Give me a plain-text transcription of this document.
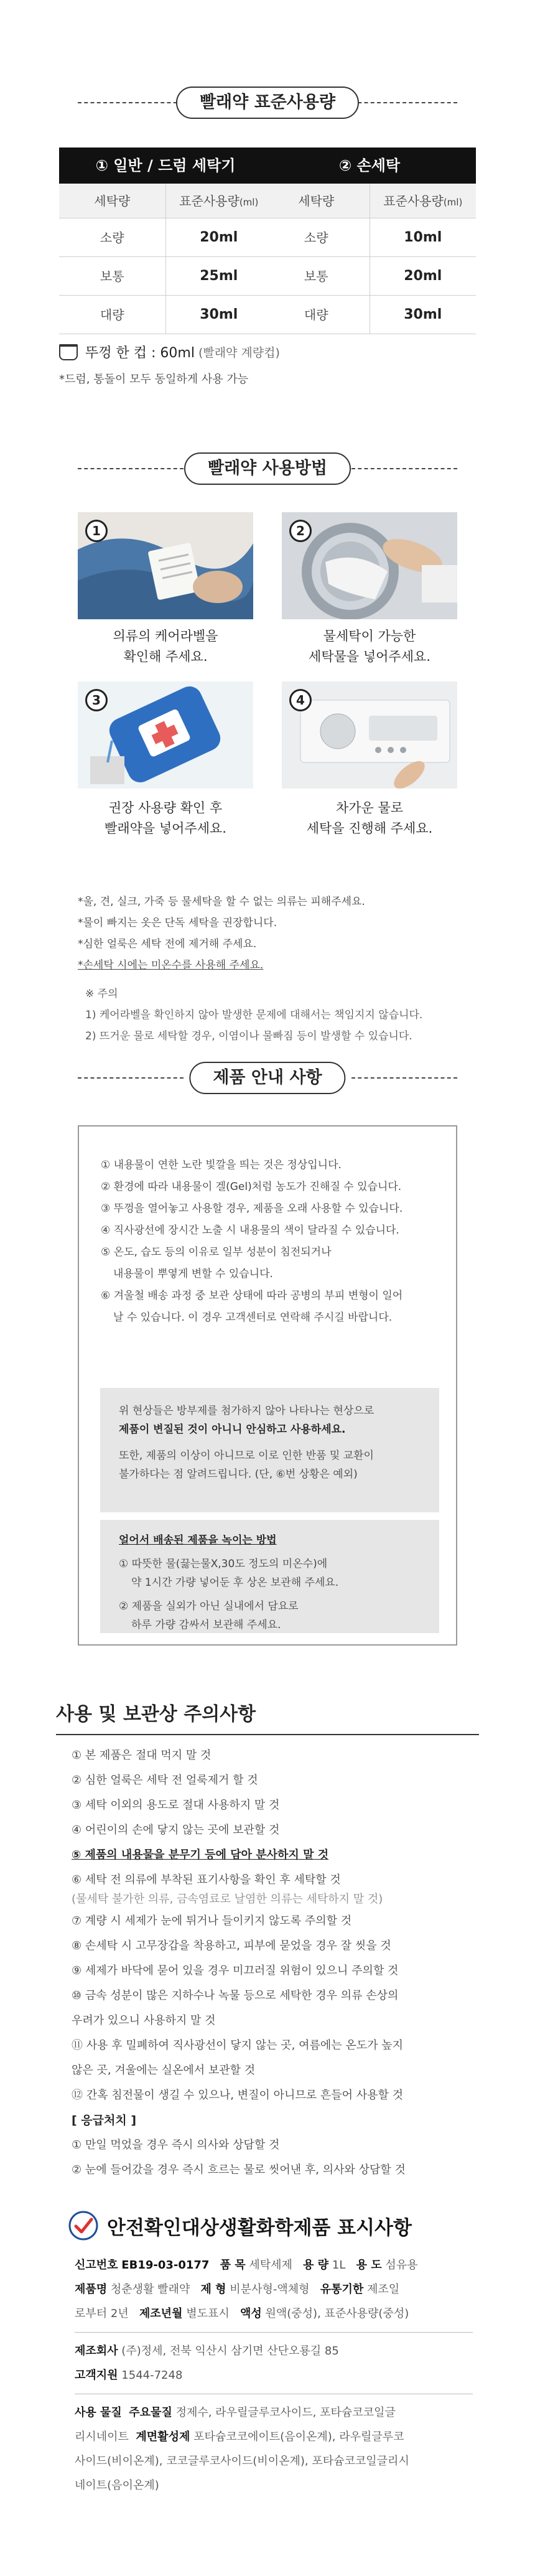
빨래약 표준사용량
① 일반 / 드럼 세탁기
세탁량	표준사용량(ml)
소량	20ml
보통	25ml
대량	30ml
② 손세탁
세탁량	표준사용량(ml)
소량	10ml
보통	20ml
대량	30ml
뚜껑 한 컵 : 60ml (빨래약 계량컵)
*드럼, 통돌이 모두 동일하게 사용 가능
빨래약 사용방법
1
의류의 케어라벨을
확인해 주세요.
2
물세탁이 가능한
세탁물을 넣어주세요.
3
권장 사용량 확인 후
빨래약을 넣어주세요.
4
차가운 물로
세탁을 진행해 주세요.
*울, 견, 실크, 가죽 등 물세탁을 할 수 없는 의류는 피해주세요.
*물이 빠지는 옷은 단독 세탁을 권장합니다.
*심한 얼룩은 세탁 전에 제거해 주세요.
*손세탁 시에는 미온수를 사용해 주세요.
※ 주의
1) 케어라벨을 확인하지 않아 발생한 문제에 대해서는 책임지지 않습니다.
2) 뜨거운 물로 세탁할 경우, 이염이나 물빠짐 등이 발생할 수 있습니다.
제품 안내 사항

① 내용물이 연한 노란 빛깔을 띄는 것은 정상입니다.

② 환경에 따라 내용물이 겔(Gel)처럼 농도가 진해질 수 있습니다.

③ 뚜껑을 열어놓고 사용할 경우, 제품을 오래 사용할 수 있습니다.

④ 직사광선에 장시간 노출 시 내용물의 색이 달라질 수 있습니다.

⑤ 온도, 습도 등의 이유로 일부 성분이 침전되거나

내용물이 뿌옇게 변할 수 있습니다.

⑥ 겨울철 배송 과정 중 보관 상태에 따라 공병의 부피 변형이 일어

날 수 있습니다. 이 경우 고객센터로 연락해 주시길 바랍니다.

위 현상들은 방부제를 첨가하지 않아 나타나는 현상으로
제품이 변질된 것이 아니니 안심하고 사용하세요.
또한, 제품의 이상이 아니므로 이로 인한 반품 및 교환이
불가하다는 점 알려드립니다. (단, ⑥번 상황은 예외)
얼어서 배송된 제품을 녹이는 방법
① 따뜻한 물(끓는물X,30도 정도의 미온수)에
약 1시간 가량 넣어둔 후 상온 보관해 주세요.
② 제품을 실외가 아닌 실내에서 담요로
하루 가량 감싸서 보관해 주세요.
사용 및 보관상 주의사항
① 본 제품은 절대 먹지 말 것
② 심한 얼룩은 세탁 전 얼룩제거 할 것
③ 세탁 이외의 용도로 절대 사용하지 말 것
④ 어린이의 손에 닿지 않는 곳에 보관할 것
⑤ 제품의 내용물을 분무기 등에 담아 분사하지 말 것
⑥ 세탁 전 의류에 부착된 표기사항을 확인 후 세탁할 것
(물세탁 불가한 의류, 금속염료로 날염한 의류는 세탁하지 말 것)
⑦ 계량 시 세제가 눈에 튀거나 들이키지 않도록 주의할 것
⑧ 손세탁 시 고무장갑을 착용하고, 피부에 묻었을 경우 잘 씻을 것
⑨ 세제가 바닥에 묻어 있을 경우 미끄러질 위험이 있으니 주의할 것
⑩ 금속 성분이 많은 지하수나 녹물 등으로 세탁한 경우 의류 손상의
우려가 있으니 사용하지 말 것
⑪ 사용 후 밀폐하여 직사광선이 닿지 않는 곳, 여름에는 온도가 높지
않은 곳, 겨울에는 실온에서 보관할 것
⑫ 간혹 침전물이 생길 수 있으나, 변질이 아니므로 흔들어 사용할 것
[ 응급처치 ]
① 만일 먹었을 경우 즉시 의사와 상담할 것
② 눈에 들어갔을 경우 즉시 흐르는 물로 씻어낸 후, 의사와 상담할 것
안전확인대상생활화학제품 표시사항
신고번호 EB19-03-0177 품 목 세탁세제 용 량 1L 용 도 섬유용
제품명 청춘생활 빨래약 제 형 비분사형-액체형 유통기한 제조일
로부터 2년 제조년월 별도표시 액성 원액(중성), 표준사용량(중성)
제조회사 (주)정세, 전북 익산시 삼기면 산단오룡길 85
고객지원 1544-7248
사용 물질 주요물질 정제수, 라우릴글루코사이드, 포타슘코코일글
리시네이트 계면활성제 포타슘코코에이트(음이온계), 라우릴글루코
사이드(비이온계), 코코글루코사이드(비이온계), 포타슘코코일글리시
네이트(음이온계)
